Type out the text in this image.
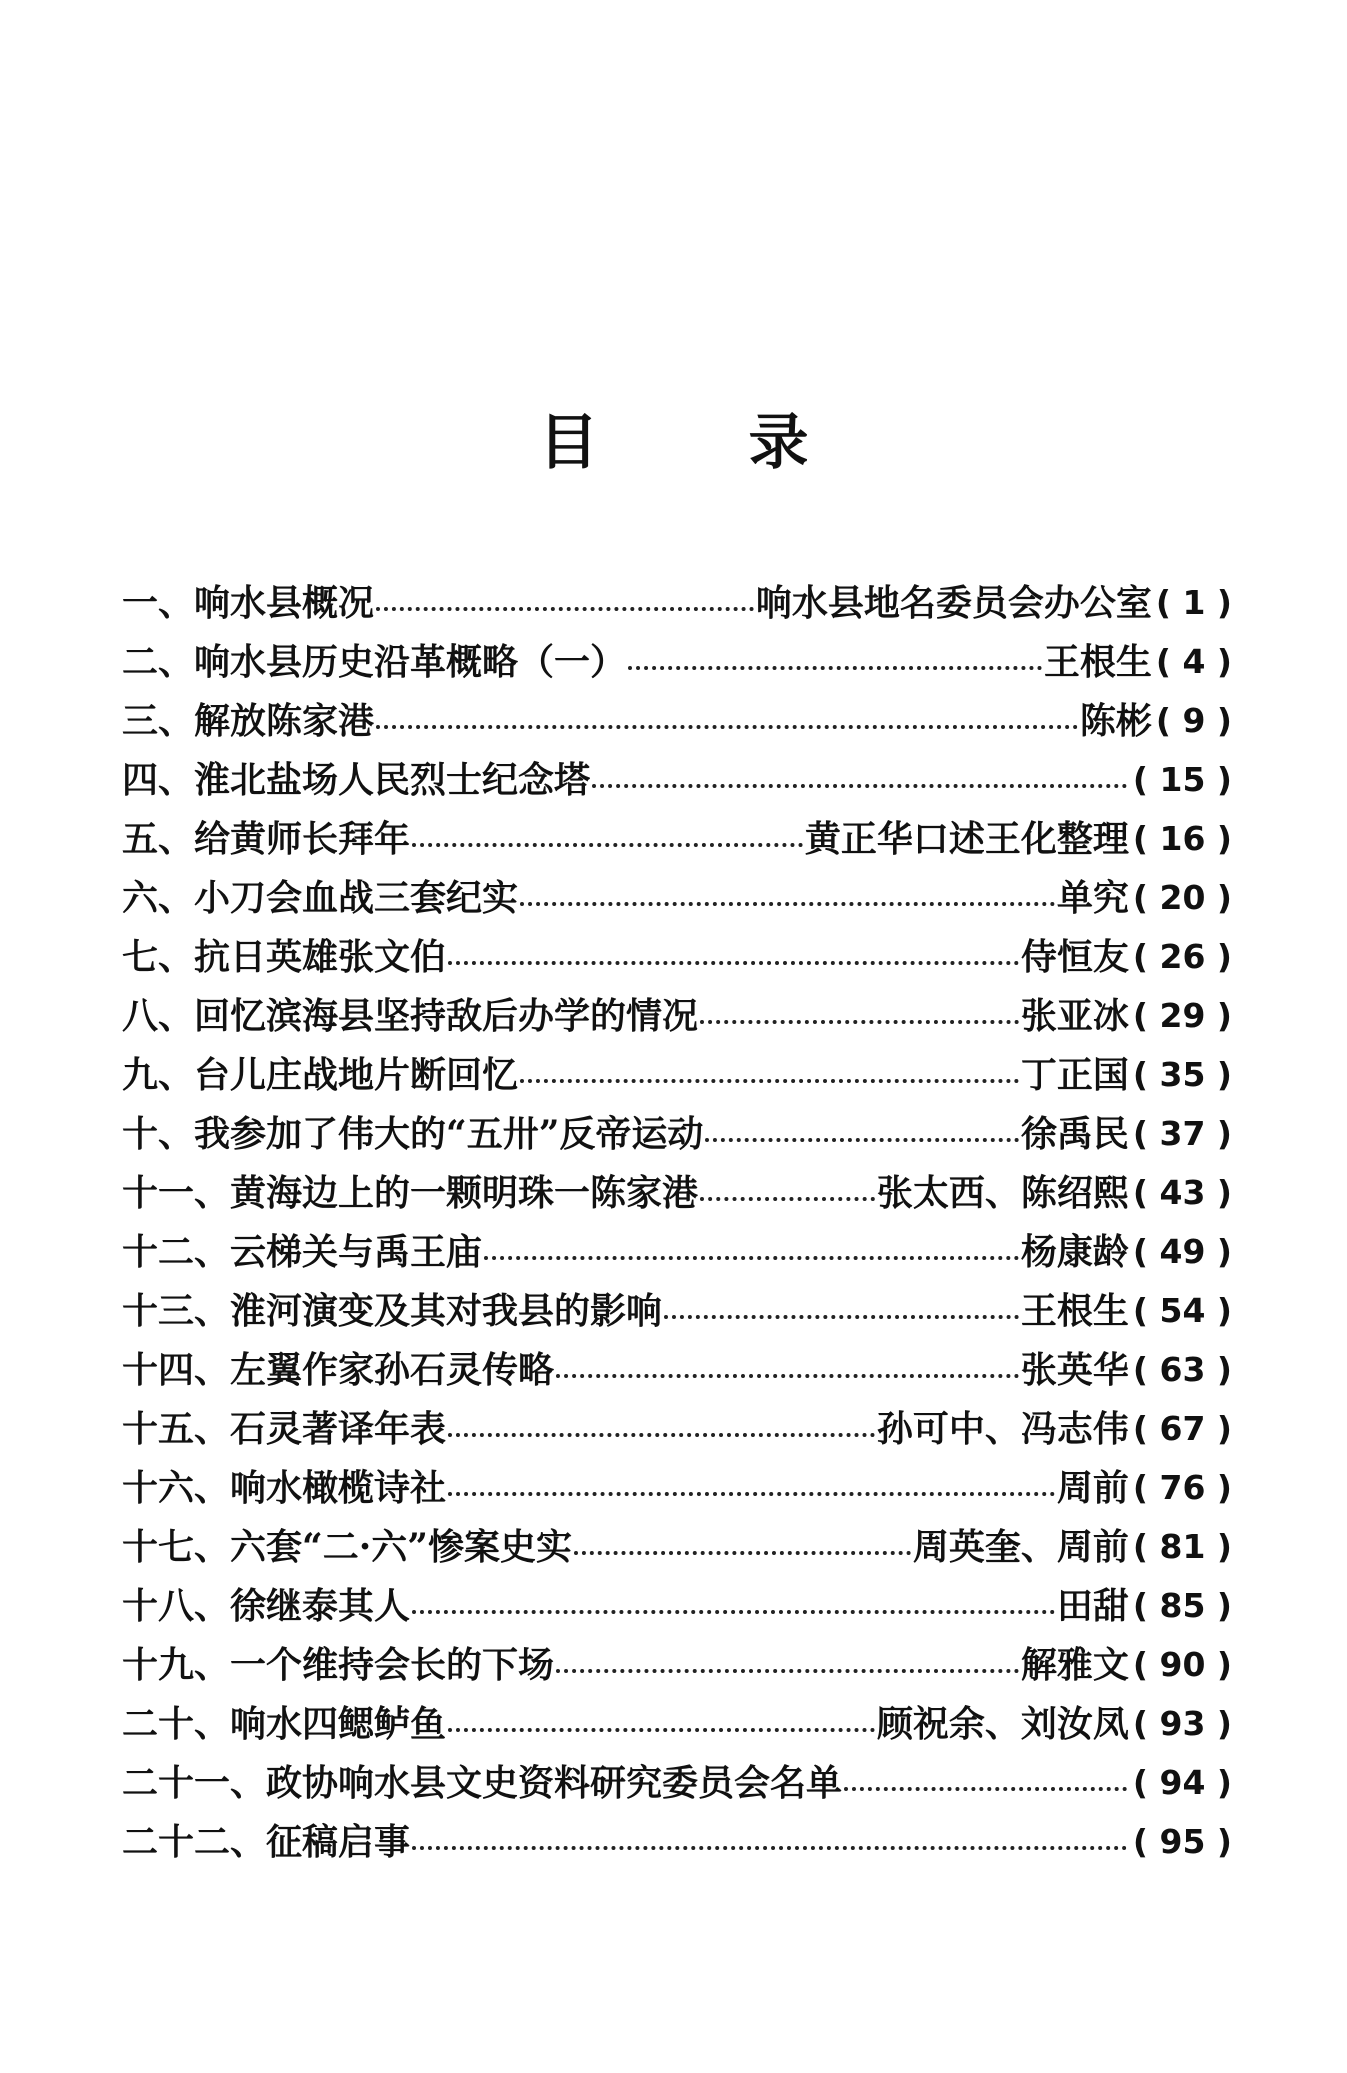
目	录
一、 响水县概况	响水县地名委员会办公室 ( 1 )
二、 响水县历史沿革概略（一）	王根生 ( 4 )
三、 解放陈家港	陈彬 ( 9 )
四、 淮北盐场人民烈士纪念塔	( 15 )
五、 给黄师长拜年	黄正华口述王化整理 ( 16 )
六、 小刀会血战三套纪实	单究 ( 20 )
七、 抗日英雄张文伯	侍恒友 ( 26 )
八、 回忆滨海县坚持敌后办学的情况	张亚冰 ( 29 )
九、 台儿庄战地片断回忆	丁正国 ( 35 )
十、 我参加了伟大的“五卅”反帝运动	徐禹民 ( 37 )
十一、 黄海边上的一颗明珠一陈家港	张太西、陈绍熙 ( 43 )
十二、 云梯关与禹王庙	杨康龄 ( 49 )
十三、 淮河演变及其对我县的影响	王根生 ( 54 )
十四、 左翼作家孙石灵传略	张英华 ( 63 )
十五、 石灵著译年表	孙可中、冯志伟 ( 67 )
十六、 响水橄榄诗社	周前 ( 76 )
十七、 六套“二·六”惨案史实	周英奎、周前 ( 81 )
十八、 徐继泰其人	田甜 ( 85 )
十九、 一个维持会长的下场	解雅文 ( 90 )
二十、 响水四鳃鲈鱼	顾祝余、刘汝凤 ( 93 )
二十一、 政协响水县文史资料研究委员会名单	( 94 )
二十二、 征稿启事	( 95 )
